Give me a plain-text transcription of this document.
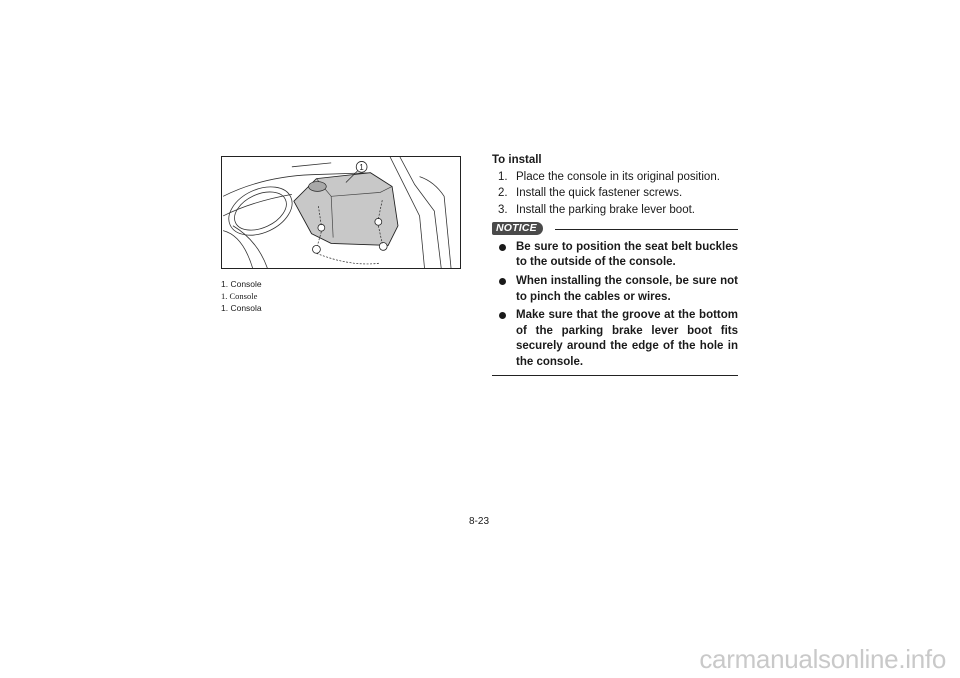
1
1. Console
1. Console
1. Consola
To install
1. Place the console in its original position.
2. Install the quick fastener screws.
3. Install the parking brake lever boot.
NOTICE
Be sure to position the seat belt buckles to the outside of the console.
When installing the console, be sure not to pinch the cables or wires.
Make sure that the groove at the bottom of the parking brake lever boot fits securely around the edge of the hole in the console.
8-23
carmanualsonline.info
